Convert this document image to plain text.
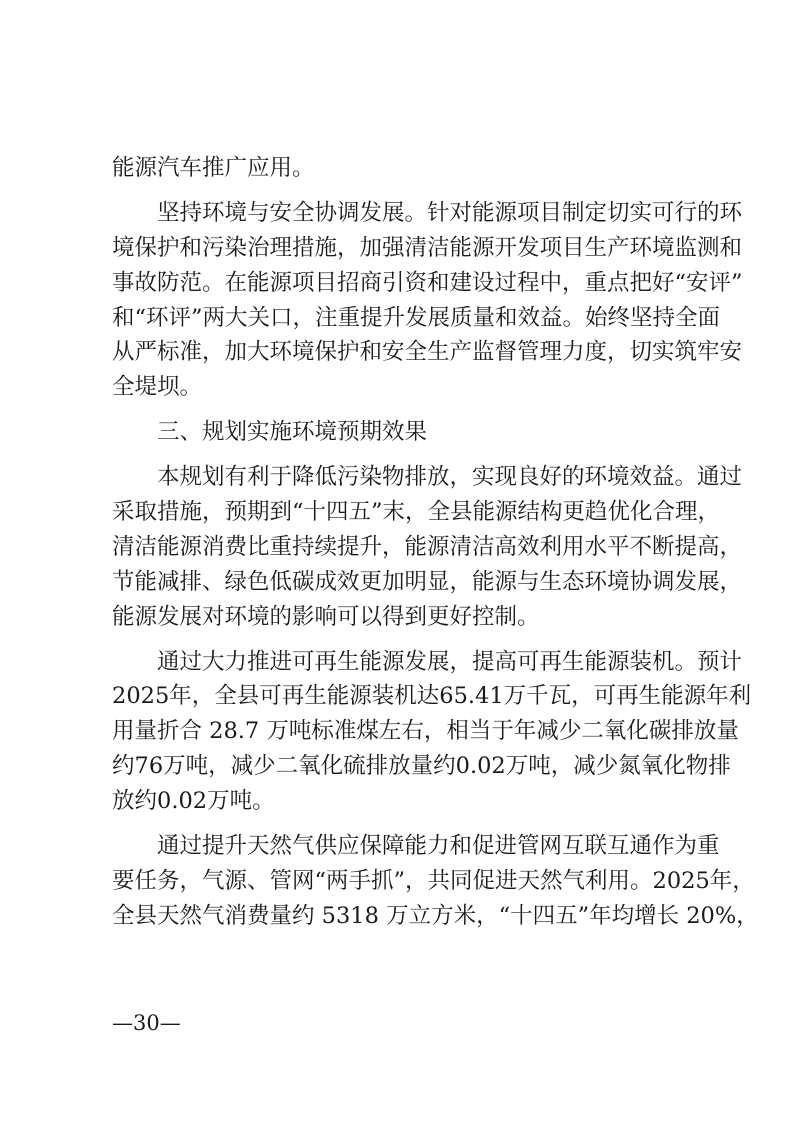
能源汽车推广应用。
坚持环境与安全协调发展。针对能源项目制定切实可行的环
境保护和污染治理措施，加强清洁能源开发项目生产环境监测和
事故防范。在能源项目招商引资和建设过程中，重点把好“安评”
和“环评”两大关口，注重提升发展质量和效益。始终坚持全面
从严标准，加大环境保护和安全生产监督管理力度，切实筑牢安
全堤坝。
三、规划实施环境预期效果
本规划有利于降低污染物排放，实现良好的环境效益。通过
采取措施，预期到“十四五”末，全县能源结构更趋优化合理，
清洁能源消费比重持续提升，能源清洁高效利用水平不断提高，
节能减排、绿色低碳成效更加明显，能源与生态环境协调发展，
能源发展对环境的影响可以得到更好控制。
通过大力推进可再生能源发展，提高可再生能源装机。预计
2025年，全县可再生能源装机达65.41万千瓦，可再生能源年利
用量折合 28.7 万吨标准煤左右，相当于年减少二氧化碳排放量
约76万吨，减少二氧化硫排放量约0.02万吨，减少氮氧化物排
放约0.02万吨。
通过提升天然气供应保障能力和促进管网互联互通作为重
要任务，气源、管网“两手抓”，共同促进天然气利用。2025年，
全县天然气消费量约 5318 万立方米，“十四五”年均增长 20%，
—30—
